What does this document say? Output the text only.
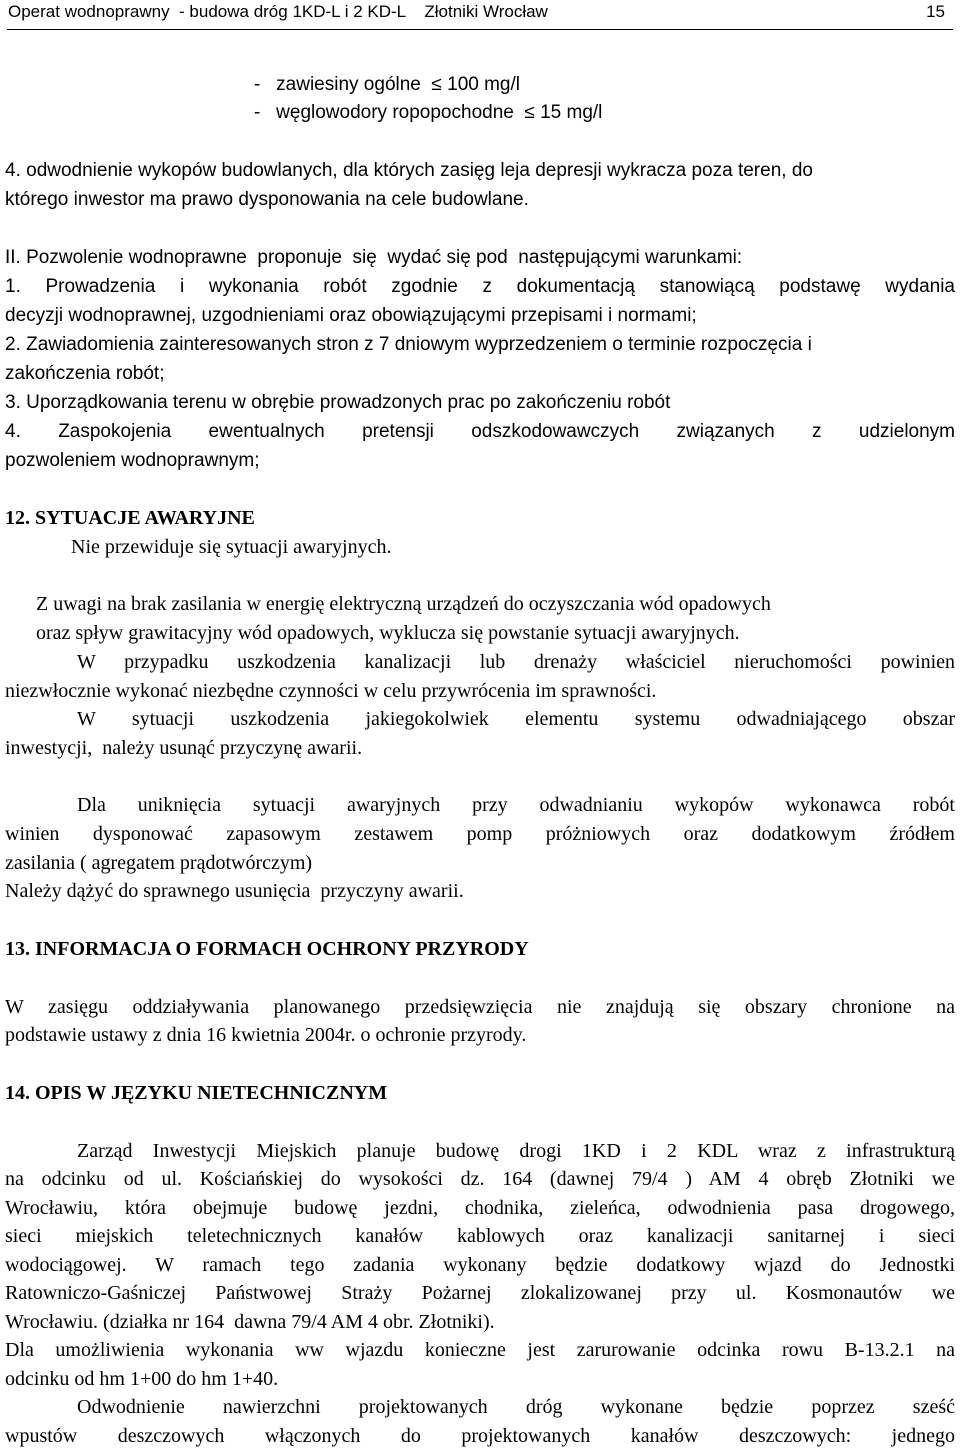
Operat wodnoprawny  - budowa dróg 1KD-L i 2 KD-L    Złotniki Wrocław	15
-   zawiesiny ogólne  ≤ 100 mg/l
-   węglowodory ropopochodne  ≤ 15 mg/l
4. odwodnienie wykopów budowlanych, dla których zasięg leja depresji wykracza poza teren, do
którego inwestor ma prawo dysponowania na cele budowlane.
II. Pozwolenie wodnoprawne  proponuje  się  wydać się pod  następującymi warunkami:
1. Prowadzenia i wykonania robót zgodnie z dokumentacją stanowiącą podstawę wydania
decyzji wodnoprawnej, uzgodnieniami oraz obowiązującymi przepisami i normami;
2. Zawiadomienia zainteresowanych stron z 7 dniowym wyprzedzeniem o terminie rozpoczęcia i
zakończenia robót;
3. Uporządkowania terenu w obrębie prowadzonych prac po zakończeniu robót
4. Zaspokojenia ewentualnych pretensji odszkodowawczych związanych z udzielonym
pozwoleniem wodnoprawnym;
12. SYTUACJE AWARYJNE
Nie przewiduje się sytuacji awaryjnych.
Z uwagi na brak zasilania w energię elektryczną urządzeń do oczyszczania wód opadowych
oraz spływ grawitacyjny wód opadowych, wyklucza się powstanie sytuacji awaryjnych.
W przypadku uszkodzenia kanalizacji lub drenaży właściciel nieruchomości powinien
niezwłocznie wykonać niezbędne czynności w celu przywrócenia im sprawności.
W sytuacji uszkodzenia jakiegokolwiek elementu systemu odwadniającego obszar
inwestycji,  należy usunąć przyczynę awarii.
Dla uniknięcia sytuacji awaryjnych przy odwadnianiu wykopów wykonawca robót
winien dysponować zapasowym zestawem pomp próżniowych oraz dodatkowym źródłem
zasilania ( agregatem prądotwórczym)
Należy dążyć do sprawnego usunięcia  przyczyny awarii.
13. INFORMACJA O FORMACH OCHRONY PRZYRODY
W zasięgu oddziaływania planowanego przedsięwzięcia nie znajdują się obszary chronione na
podstawie ustawy z dnia 16 kwietnia 2004r. o ochronie przyrody.
14. OPIS W JĘZYKU NIETECHNICZNYM
Zarząd Inwestycji Miejskich planuje budowę drogi 1KD i 2 KDL wraz z infrastrukturą
na odcinku od ul. Kościańskiej do wysokości dz. 164 (dawnej 79/4 ) AM 4 obręb Złotniki we
Wrocławiu, która obejmuje budowę jezdni, chodnika, zieleńca, odwodnienia pasa drogowego,
sieci miejskich teletechnicznych kanałów kablowych oraz kanalizacji sanitarnej i sieci
wodociągowej. W ramach tego zadania wykonany będzie dodatkowy wjazd do Jednostki
Ratowniczo-Gaśniczej Państwowej Straży Pożarnej zlokalizowanej przy ul. Kosmonautów we
Wrocławiu. (działka nr 164  dawna 79/4 AM 4 obr. Złotniki).
Dla umożliwienia wykonania ww wjazdu konieczne jest zarurowanie odcinka rowu B-13.2.1 na
odcinku od hm 1+00 do hm 1+40.
Odwodnienie nawierzchni projektowanych dróg wykonane będzie poprzez sześć
wpustów deszczowych włączonych do projektowanych kanałów deszczowych: jednego
